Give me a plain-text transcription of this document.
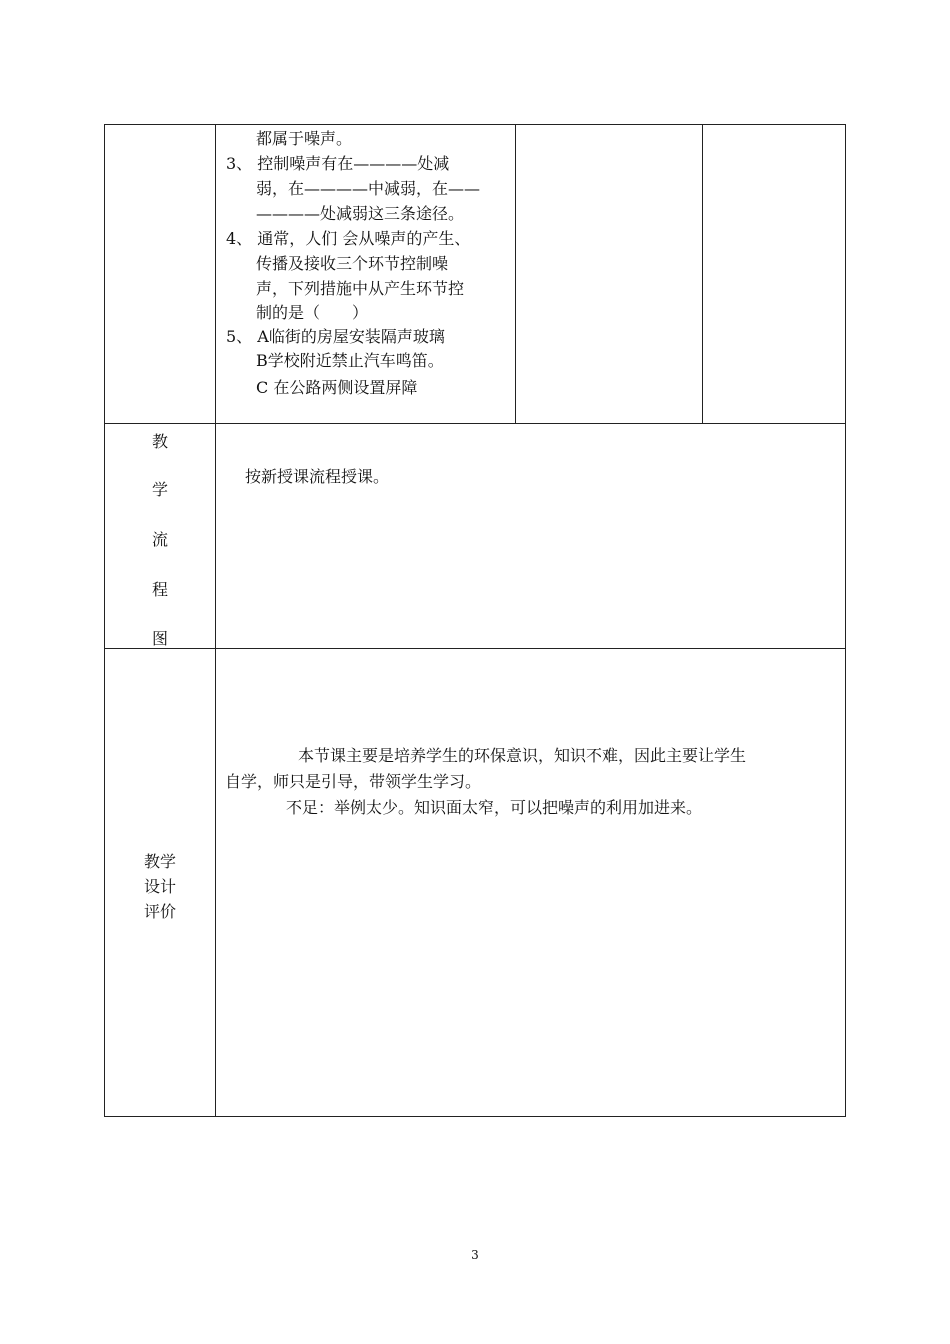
都属于噪声。
3、 控制噪声有在————处减
弱，在————中减弱，在——
————处减弱这三条途径。
4、 通常，人们 会从噪声的产生、
传播及接收三个环节控制噪
声，下列措施中从产生环节控
制的是（　　）
5、 A临街的房屋安装隔声玻璃
B学校附近禁止汽车鸣笛。
C 在公路两侧设置屏障
教
学
流
程
图
按新授课流程授课。
教学
设计
评价
本节课主要是培养学生的环保意识，知识不难，因此主要让学生
自学，师只是引导，带领学生学习。
不足：举例太少。知识面太窄，可以把噪声的利用加进来。
3
